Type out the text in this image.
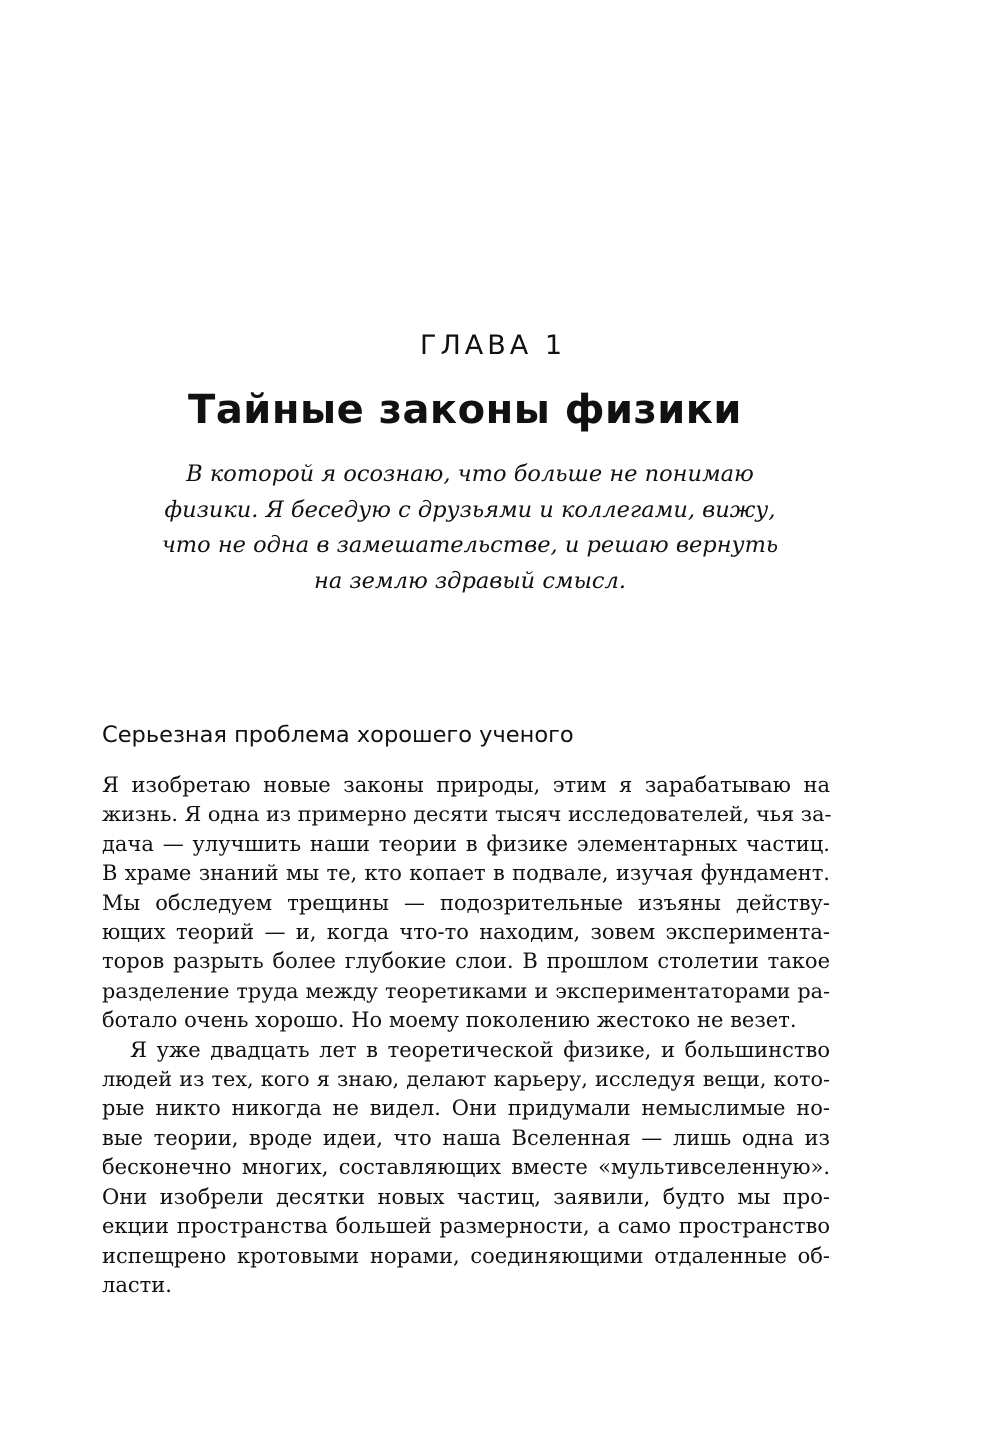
ГЛАВА 1
Тайные законы физики
В которой я осознаю, что больше не понимаю
физики. Я беседую с друзьями и коллегами, вижу,
что не одна в замешательстве, и решаю вернуть
на землю здравый смысл.
Серьезная проблема хорошего ученого
Я изобретаю новые законы природы, этим я зарабатываю на
жизнь. Я одна из примерно десяти тысяч исследователей, чья за-
дача — улучшить наши теории в физике элементарных частиц.
В храме знаний мы те, кто копает в подвале, изучая фундамент.
Мы обследуем трещины — подозрительные изъяны действу-
ющих теорий — и, когда что-то находим, зовем эксперимента-
торов разрыть более глубокие слои. В прошлом столетии такое
разделение труда между теоретиками и экспериментаторами ра-
ботало очень хорошо. Но моему поколению жестоко не везет.
Я уже двадцать лет в теоретической физике, и большинство
людей из тех, кого я знаю, делают карьеру, исследуя вещи, кото-
рые никто никогда не видел. Они придумали немыслимые но-
вые теории, вроде идеи, что наша Вселенная — лишь одна из
бесконечно многих, составляющих вместе «мультивселенную».
Они изобрели десятки новых частиц, заявили, будто мы про-
екции пространства большей размерности, а само пространство
испещрено кротовыми норами, соединяющими отдаленные об-
ласти.
